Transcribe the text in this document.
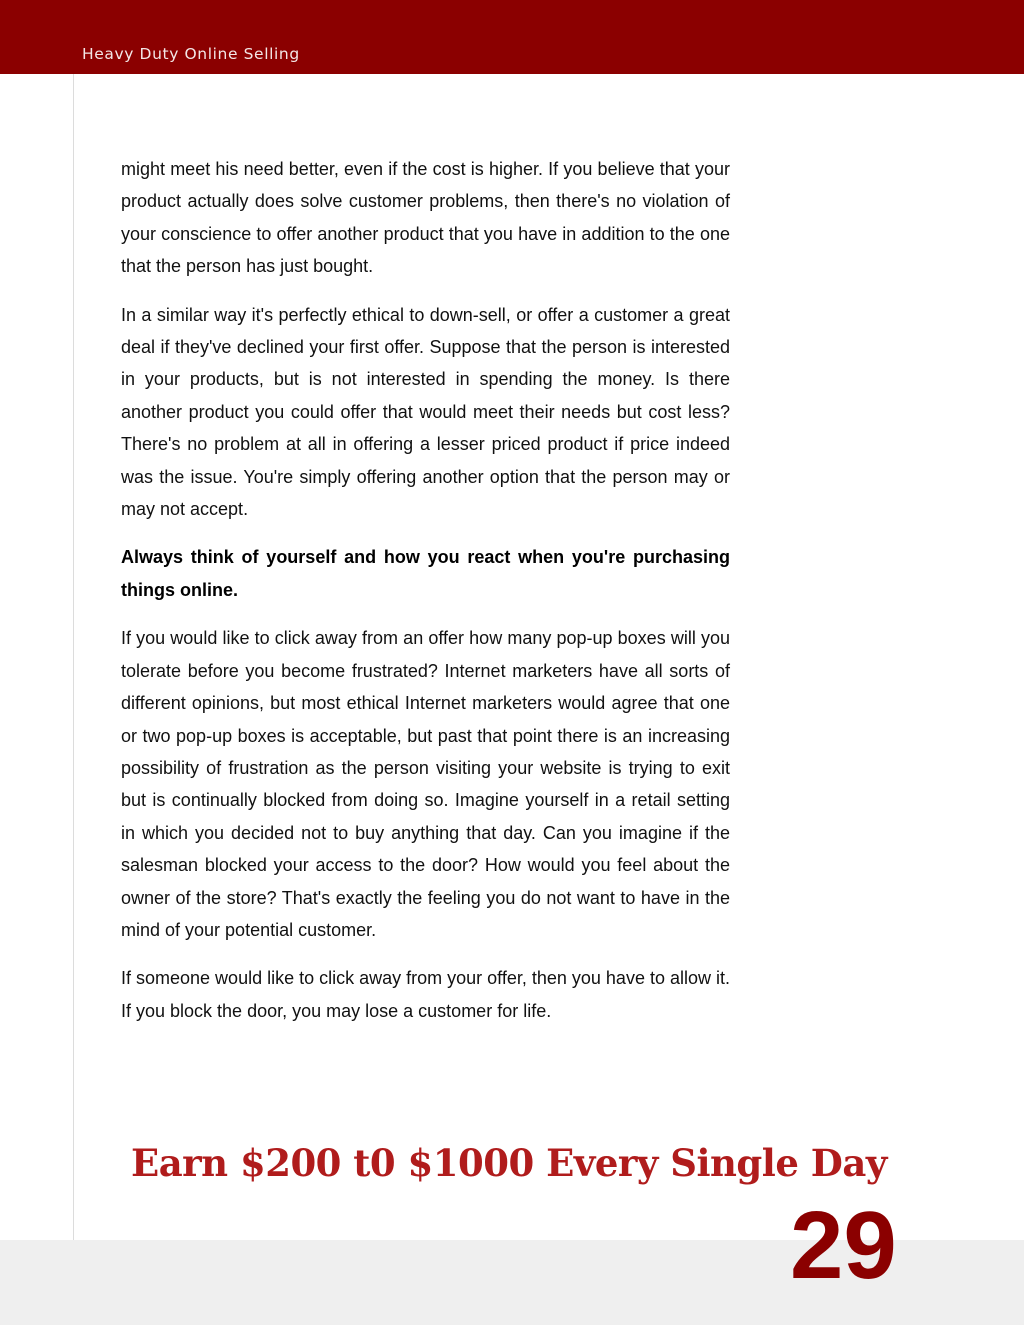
Heavy Duty Online Selling

might meet his need better, even if the cost is higher. If you believe that your product actually does solve customer problems, then there's no violation of your conscience to offer another product that you have in addition to the one that the person has just bought.

In a similar way it's perfectly ethical to down-sell, or offer a customer a great deal if they've declined your first offer. Suppose that the person is interested in your products, but is not interested in spending the money. Is there another product you could offer that would meet their needs but cost less? There's no problem at all in offering a lesser priced product if price indeed was the issue. You're simply offering another option that the person may or may not accept.

Always think of yourself and how you react when you're purchasing things online.

If you would like to click away from an offer how many pop-up boxes will you tolerate before you become frustrated? Internet marketers have all sorts of different opinions, but most ethical Internet marketers would agree that one or two pop-up boxes is acceptable, but past that point there is an increasing possibility of frustration as the person visiting your website is trying to exit but is continually blocked from doing so. Imagine yourself in a retail setting in which you decided not to buy anything that day. Can you imagine if the salesman blocked your access to the door? How would you feel about the owner of the store? That's exactly the feeling you do not want to have in the mind of your potential customer.

If someone would like to click away from your offer, then you have to allow it. If you block the door, you may lose a customer for life.

Earn $200 t0 $1000 Every Single Day
29
